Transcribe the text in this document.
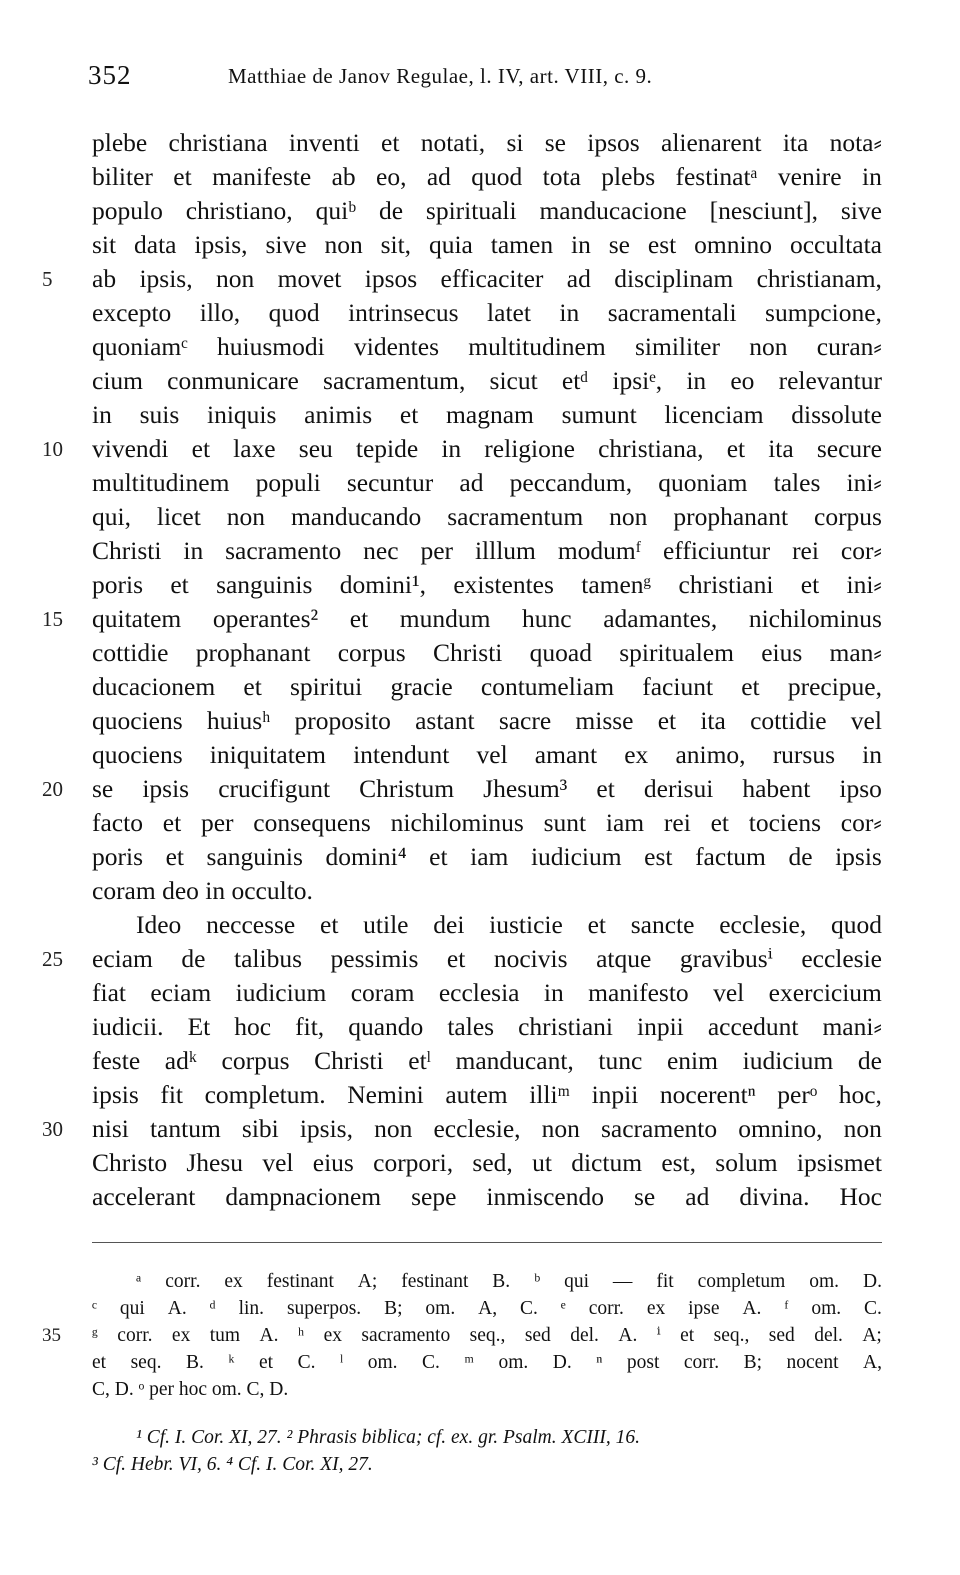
352	Matthiae de Janov Regulae, l. IV, art. VIII, c. 9.
plebe christiana inventi et notati, si se ipsos alienarent ita nota⸗
biliter et manifeste ab eo, ad quod tota plebs festinatᵃ venire in
populo christiano, quiᵇ de spirituali manducacione [nesciunt], sive
sit data ipsis, sive non sit, quia tamen in se est omnino occultata
5	ab ipsis, non movet ipsos efficaciter ad disciplinam christianam,
excepto illo, quod intrinsecus latet in sacramentali sumpcione,
quoniamᶜ huiusmodi videntes multitudinem similiter non curan⸗
cium conmunicare sacramentum, sicut etᵈ ipsiᵉ, in eo relevantur
in suis iniquis animis et magnam sumunt licenciam dissolute
10	vivendi et laxe seu tepide in religione christiana, et ita secure
multitudinem populi secuntur ad peccandum, quoniam tales ini⸗
qui, licet non manducando sacramentum non prophanant corpus
Christi in sacramento nec per illlum modumᶠ efficiuntur rei cor⸗
poris et sanguinis domini¹, existentes tamenᵍ christiani et ini⸗
15	quitatem operantes² et mundum hunc adamantes, nichilominus
cottidie prophanant corpus Christi quoad spiritualem eius man⸗
ducacionem et spiritui gracie contumeliam faciunt et precipue,
quociens huiusʰ proposito astant sacre misse et ita cottidie vel
quociens iniquitatem intendunt vel amant ex animo, rursus in
20	se ipsis crucifigunt Christum Jhesum³ et derisui habent ipso
facto et per consequens nichilominus sunt iam rei et tociens cor⸗
poris et sanguinis domini⁴ et iam iudicium est factum de ipsis
coram deo in occulto.
Ideo neccesse et utile dei iusticie et sancte ecclesie, quod
25	eciam de talibus pessimis et nocivis atque gravibusⁱ ecclesie
fiat eciam iudicium coram ecclesia in manifesto vel exercicium
iudicii. Et hoc fit, quando tales christiani inpii accedunt mani⸗
feste adᵏ corpus Christi etˡ manducant, tunc enim iudicium de
ipsis fit completum. Nemini autem illiᵐ inpii nocerentⁿ perᵒ hoc,
30	nisi tantum sibi ipsis, non ecclesie, non sacramento omnino, non
Christo Jhesu vel eius corpori, sed, ut dictum est, solum ipsismet
accelerant dampnacionem sepe inmiscendo se ad divina. Hoc
ᵃ corr. ex festinant A; festinant B. ᵇ qui — fit completum om. D.
ᶜ qui A. ᵈ lin. superpos. B; om. A, C. ᵉ corr. ex ipse A. ᶠ om. C.
35 ᵍ corr. ex tum A. ʰ ex sacramento seq., sed del. A. ⁱ et seq., sed del. A;
et seq. B. ᵏ et C. ˡ om. C. ᵐ om. D. ⁿ post corr. B; nocent A,
C, D. ᵒ per hoc om. C, D.
¹ Cf. I. Cor. XI, 27. ² Phrasis biblica; cf. ex. gr. Psalm. XCIII, 16.
³ Cf. Hebr. VI, 6. ⁴ Cf. I. Cor. XI, 27.
